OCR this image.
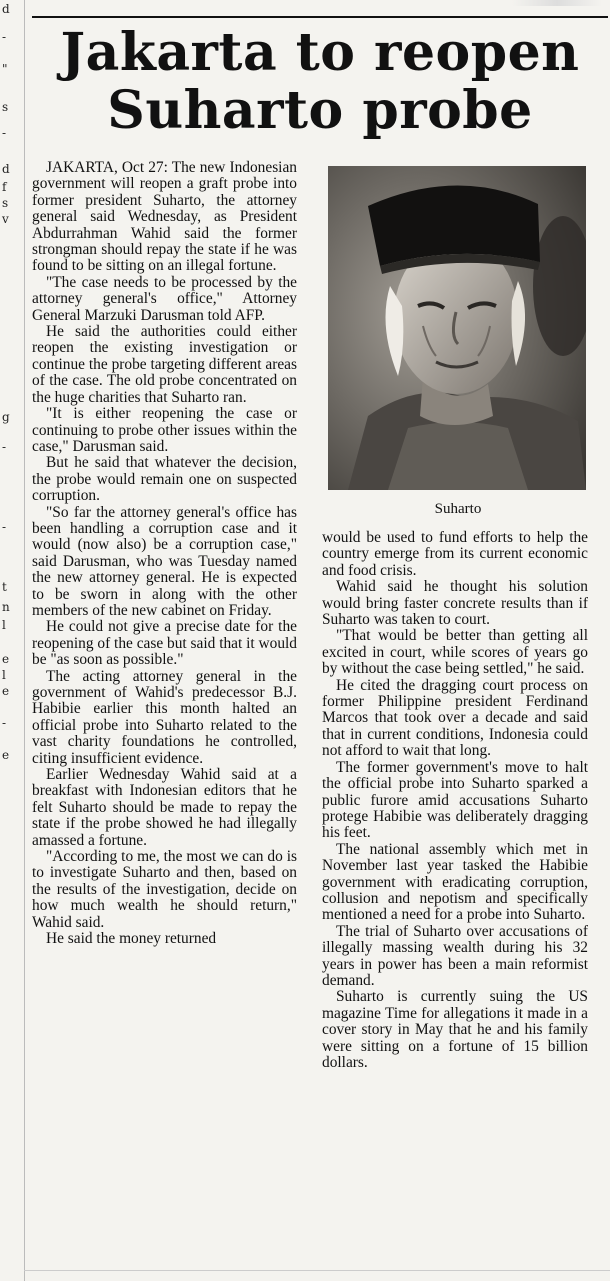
d
-
"
s
-
d
f
s
v
g
-
-
t
n
l
e
l
e
-
e
Jakarta to reopen
Suharto probe

JAKARTA, Oct 27: The new Indonesian government will reopen a graft probe into former president Suharto, the attorney general said Wednesday, as President Abdurrahman Wahid said the former strongman should repay the state if he was found to be sitting on an illegal fortune.

"The case needs to be processed by the attorney general's office," Attorney General Marzuki Darusman told AFP.

He said the authorities could either reopen the existing investigation or continue the probe targeting different areas of the case. The old probe concentrated on the huge charities that Suharto ran.

"It is either reopening the case or continuing to probe other issues within the case," Darusman said.

But he said that whatever the decision, the probe would remain one on suspected corruption.

"So far the attorney general's office has been handling a corruption case and it would (now also) be a corruption case," said Darusman, who was Tuesday named the new attorney general. He is expected to be sworn in along with the other members of the new cabinet on Friday.

He could not give a precise date for the reopening of the case but said that it would be "as soon as possible."

The acting attorney general in the government of Wahid's predecessor B.J. Habibie earlier this month halted an official probe into Suharto related to the vast charity foundations he controlled, citing insufficient evidence.

Earlier Wednesday Wahid said at a breakfast with Indonesian editors that he felt Suharto should be made to repay the state if the probe showed he had illegally amassed a fortune.

"According to me, the most we can do is to investigate Suharto and then, based on the results of the investigation, decide on how much wealth he should return," Wahid said.

He said the money returned

Suharto

would be used to fund efforts to help the country emerge from its current economic and food crisis.

Wahid said he thought his solution would bring faster concrete results than if Suharto was taken to court.

"That would be better than getting all excited in court, while scores of years go by without the case being settled," he said.

He cited the dragging court process on former Philippine president Ferdinand Marcos that took over a decade and said that in current conditions, Indonesia could not afford to wait that long.

The former government's move to halt the official probe into Suharto sparked a public furore amid accusations Suharto protege Habibie was deliberately dragging his feet.

The national assembly which met in November last year tasked the Habibie government with eradicating corruption, collusion and nepotism and specifically mentioned a need for a probe into Suharto.

The trial of Suharto over accusations of illegally massing wealth during his 32 years in power has been a main reformist demand.

Suharto is currently suing the US magazine Time for allegations it made in a cover story in May that he and his family were sitting on a fortune of 15 billion dollars.
